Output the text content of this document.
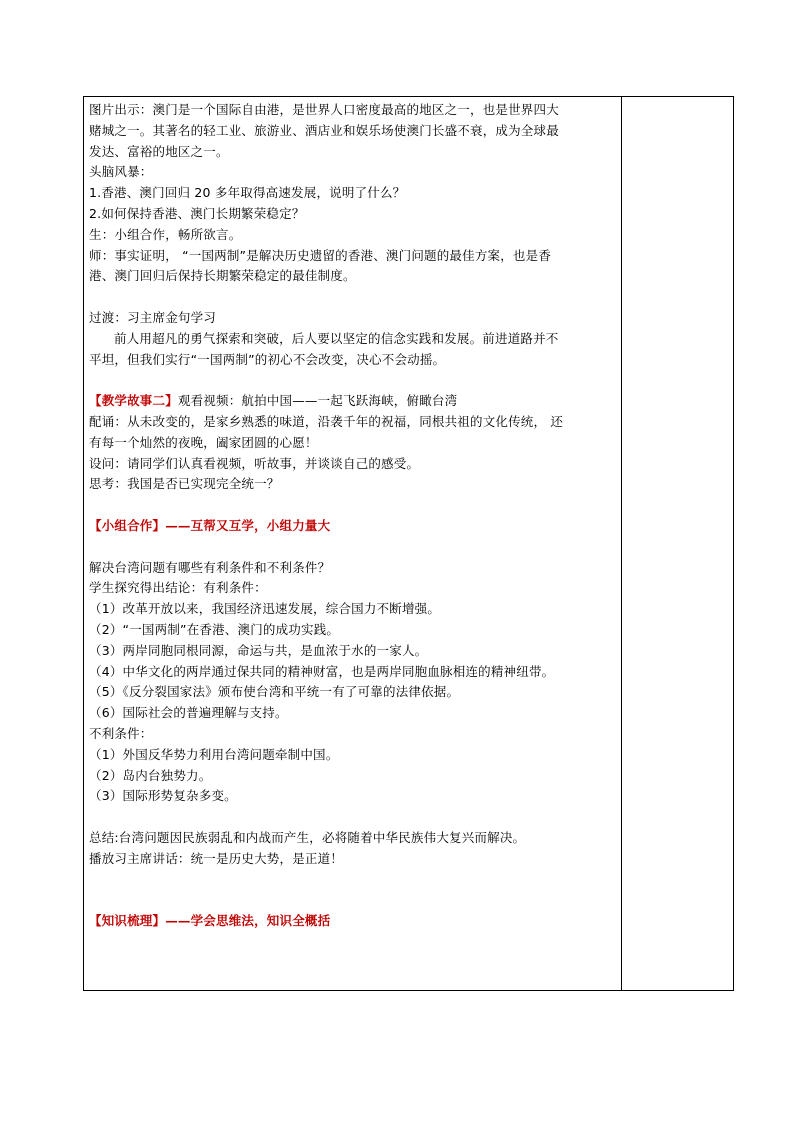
图片出示：澳门是一个国际自由港，是世界人口密度最高的地区之一，也是世界四大
赌城之一。其著名的轻工业、旅游业、酒店业和娱乐场使澳门长盛不衰，成为全球最
发达、富裕的地区之一。
头脑风暴：
1.香港、澳门回归 20 多年取得高速发展，说明了什么？
2.如何保持香港、澳门长期繁荣稳定？
生：小组合作，畅所欲言。
师：事实证明， “一国两制”是解决历史遗留的香港、澳门问题的最佳方案，也是香
港、澳门回归后保持长期繁荣稳定的最佳制度。
过渡：习主席金句学习
前人用超凡的勇气探索和突破，后人要以坚定的信念实践和发展。前进道路并不
平坦，但我们实行“一国两制”的初心不会改变，决心不会动摇。
【教学故事二】观看视频：航拍中国——一起飞跃海峡，俯瞰台湾
配诵：从未改变的，是家乡熟悉的味道，沿袭千年的祝福，同根共祖的文化传统， 还
有每一个灿然的夜晚，阖家团圆的心愿！
设问：请同学们认真看视频，听故事，并谈谈自己的感受。
思考：我国是否已实现完全统一？
【小组合作】——互帮又互学，小组力量大
解决台湾问题有哪些有利条件和不利条件？
学生探究得出结论：有利条件：
（1）改革开放以来，我国经济迅速发展，综合国力不断增强。
（2）“一国两制”在香港、澳门的成功实践。
（3）两岸同胞同根同源，命运与共，是血浓于水的一家人。
（4）中华文化的两岸通过保共同的精神财富，也是两岸同胞血脉相连的精神纽带。
（5）《反分裂国家法》颁布使台湾和平统一有了可靠的法律依据。
（6）国际社会的普遍理解与支持。
不利条件：
（1）外国反华势力利用台湾问题牵制中国。
（2）岛内台独势力。
（3）国际形势复杂多变。
总结:台湾问题因民族弱乱和内战而产生，必将随着中华民族伟大复兴而解决。
播放习主席讲话：统一是历史大势，是正道！
【知识梳理】——学会思维法，知识全概括
